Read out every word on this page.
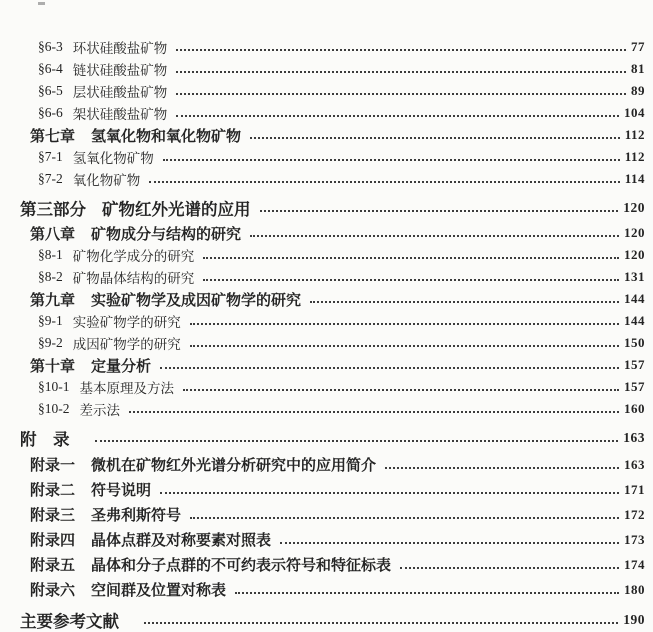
§6-3 环状硅酸盐矿物	77
§6-4 链状硅酸盐矿物	81
§6-5 层状硅酸盐矿物	89
§6-6 架状硅酸盐矿物	104
第七章 氢氧化物和氧化物矿物	112
§7-1 氢氧化物矿物	112
§7-2 氧化物矿物	114
第三部分 矿物红外光谱的应用	120
第八章 矿物成分与结构的研究	120
§8-1 矿物化学成分的研究	120
§8-2 矿物晶体结构的研究	131
第九章 实验矿物学及成因矿物学的研究	144
§9-1 实验矿物学的研究	144
§9-2 成因矿物学的研究	150
第十章 定量分析	157
§10-1 基本原理及方法	157
§10-2 差示法	160
附　录	163
附录一 微机在矿物红外光谱分析研究中的应用简介	163
附录二 符号说明	171
附录三 圣弗利斯符号	172
附录四 晶体点群及对称要素对照表	173
附录五 晶体和分子点群的不可约表示符号和特征标表	174
附录六 空间群及位置对称表	180
主要参考文献	190
